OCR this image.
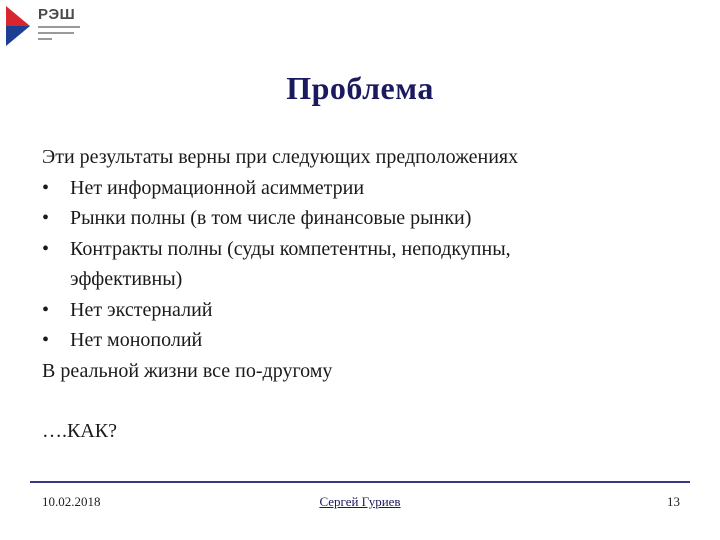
РЭШ
Проблема
Эти результаты верны при следующих предположениях
• Нет информационной асимметрии
• Рынки полны (в том числе финансовые рынки)
• Контракты полны (суды компетентны, неподкупны,
эффективны)
• Нет экстерналий
• Нет монополий
В реальной жизни все по-другому
….КАК?
10.02.2018	Сергей Гуриев	13
